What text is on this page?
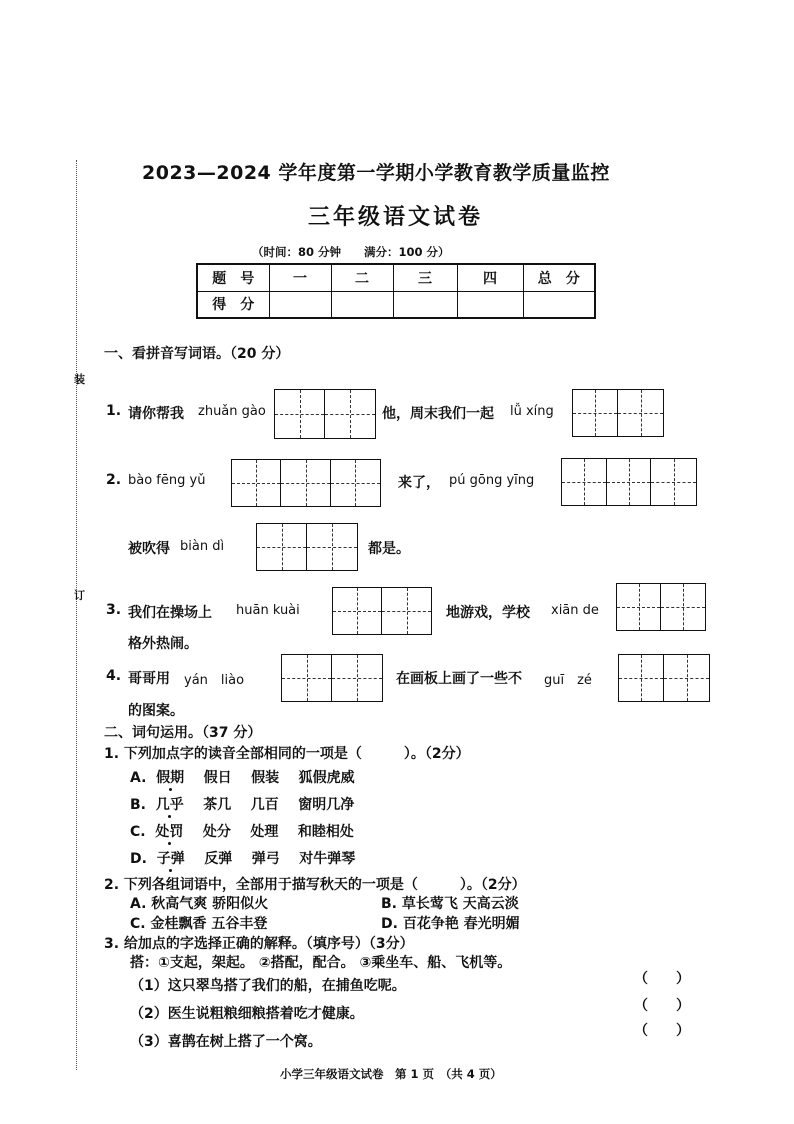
装
订
2023—2024 学年度第一学期小学教育教学质量监控
三年级语文试卷
（时间：80 分钟　　满分：100 分）
题　号	一	二	三	四	总　分
得　分					
一、看拼音写词语。（20 分）
1. 请你帮我 zhuǎn gào	他，周末我们一起 lǚ xíng
2. bào fēng yǔ	来了， pú gōng yīng
被吹得 biàn dì	都是。
3. 我们在操场上 huān kuài	地游戏，学校 xiān de
格外热闹。
4. 哥哥用 yán　liào	在画板上画了一些不 guī　zé
的图案。
二、词句运用。（37 分）
1. 下列加点字的读音全部相同的一项是（　　　）。（2分）
A. 假期 假日 假装 狐假虎威
B. 几乎 茶几 几百 窗明几净
C. 处罚 处分 处理 和睦相处
D. 子弹 反弹 弹弓 对牛弹琴
2. 下列各组词语中，全部用于描写秋天的一项是（　　　）。（2分）
A. 秋高气爽 骄阳似火	B. 草长莺飞 天高云淡
C. 金桂飘香 五谷丰登	D. 百花争艳 春光明媚
3. 给加点的字选择正确的解释。（填序号）（3分）
搭：①支起，架起。 ②搭配，配合。 ③乘坐车、船、飞机等。
（1）这只翠鸟搭了我们的船，在捕鱼吃呢。	（　　）
（2）医生说粗粮细粮搭着吃才健康。	（　　）
（3）喜鹊在树上搭了一个窝。
（　　）
小学三年级语文试卷　第 1 页　（共 4 页）
